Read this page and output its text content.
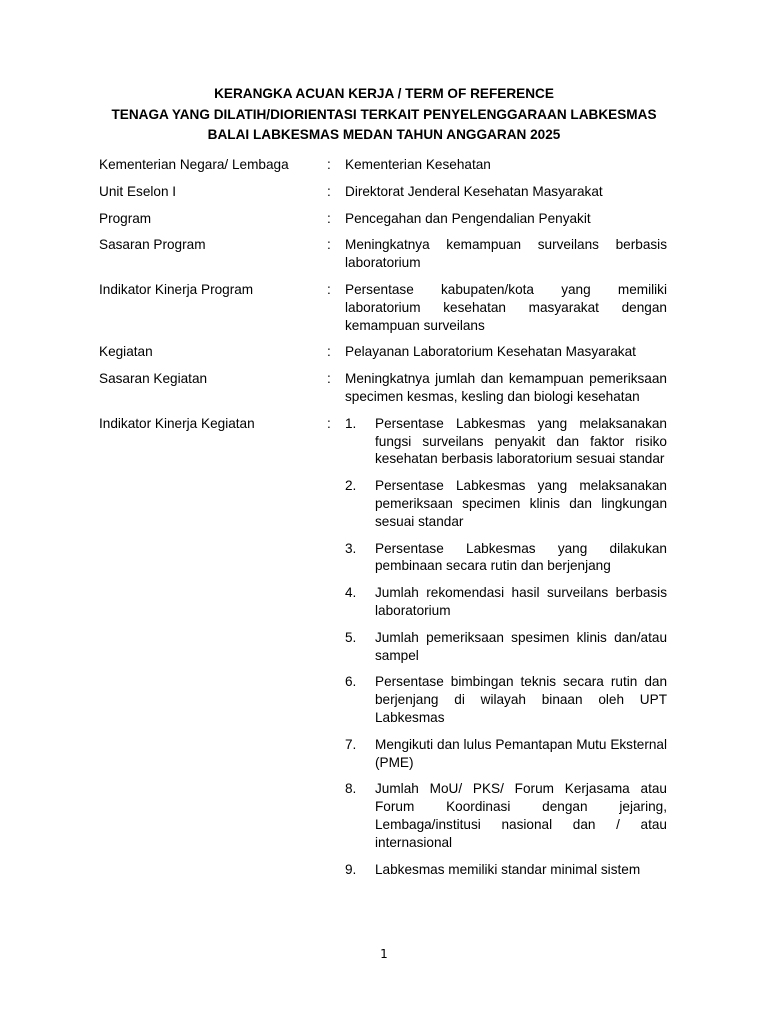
KERANGKA ACUAN KERJA / TERM OF REFERENCE
TENAGA YANG DILATIH/DIORIENTASI TERKAIT PENYELENGGARAAN LABKESMAS
BALAI LABKESMAS MEDAN TAHUN ANGGARAN 2025
Kementerian Negara/ Lembaga	:	Kementerian Kesehatan
Unit Eselon I	:	Direktorat Jenderal Kesehatan Masyarakat
Program	:	Pencegahan dan Pengendalian Penyakit
Sasaran Program	:	Meningkatnya kemampuan surveilans berbasis laboratorium
Indikator Kinerja Program	:	Persentase kabupaten/kota yang memiliki laboratorium kesehatan masyarakat dengan kemampuan surveilans
Kegiatan	:	Pelayanan Laboratorium Kesehatan Masyarakat
Sasaran Kegiatan	:	Meningkatnya jumlah dan kemampuan pemeriksaan specimen kesmas, kesling dan biologi kesehatan
Indikator Kinerja Kegiatan	:	1.	Persentase Labkesmas yang melaksanakan fungsi surveilans penyakit dan faktor risiko kesehatan berbasis laboratorium sesuai standar
2.	Persentase Labkesmas yang melaksanakan pemeriksaan specimen klinis dan lingkungan sesuai standar
3.	Persentase Labkesmas yang dilakukan pembinaan secara rutin dan berjenjang
4.	Jumlah rekomendasi hasil surveilans berbasis laboratorium
5.	Jumlah pemeriksaan spesimen klinis dan/atau sampel
6.	Persentase bimbingan teknis secara rutin dan berjenjang di wilayah binaan oleh UPT Labkesmas
7.	Mengikuti dan lulus Pemantapan Mutu Eksternal (PME)
8.	Jumlah MoU/ PKS/ Forum Kerjasama atau Forum Koordinasi dengan jejaring, Lembaga/institusi nasional dan / atau internasional
9.	Labkesmas memiliki standar minimal sistem
1
